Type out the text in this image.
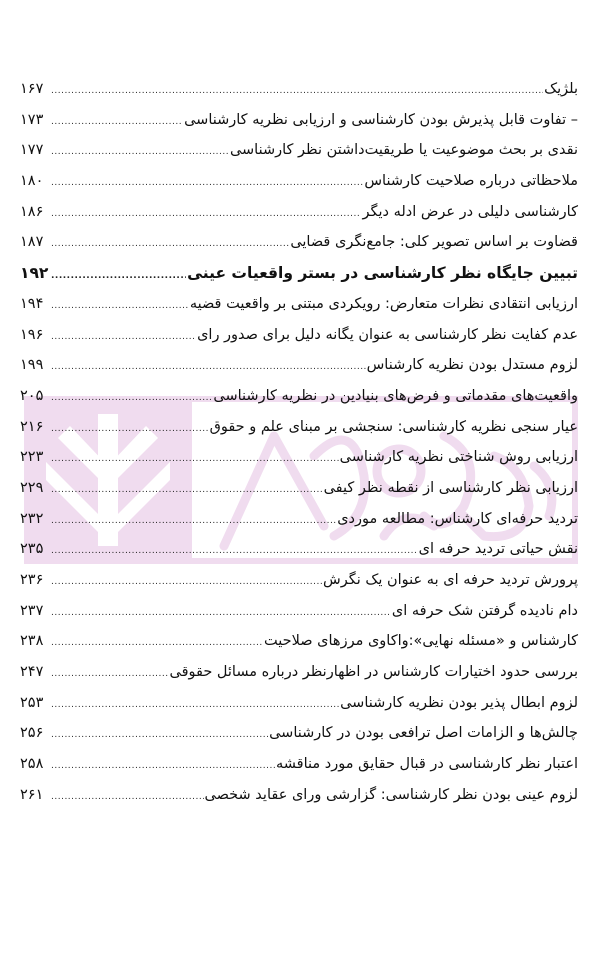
بلژیک
.....
۱۶۷
– تفاوت قابل پذیرش بودن کارشناسی و ارزیابی نظریه کارشناسی
.....
۱۷۳
نقدی بر بحث موضوعیت یا طریقیت‌داشتن نظر کارشناسی
.....
۱۷۷
ملاحظاتی درباره صلاحیت کارشناس
.....
۱۸۰
کارشناسی دلیلی در عرض ادله دیگر
.....
۱۸۶
قضاوت بر اساس تصویر کلی: جامع‌نگری قضایی
.....
۱۸۷
تبیین جایگاه نظر کارشناسی در بستر واقعیات عینی
.....
۱۹۲
ارزیابی انتقادی نظرات متعارض: رویکردی مبتنی بر واقعیت قضیه
.....
۱۹۴
عدم کفایت نظر کارشناسی به عنوان یگانه دلیل برای صدور رای
.....
۱۹۶
لزوم مستدل بودن نظریه کارشناس
.....
۱۹۹
واقعیت‌های مقدماتی و فرض‌های بنیادین در نظریه کارشناسی
.....
۲۰۵
عیار سنجی نظریه کارشناسی: سنجشی بر مبنای علم و حقوق
.....
۲۱۶
ارزیابی روش شناختی نظریه کارشناسی
.....
۲۲۳
ارزیابی نظر کارشناسی از نقطه نظر کیفی
.....
۲۲۹
تردید حرفه‌ای کارشناس: مطالعه موردی
.....
۲۳۲
نقش حیاتی تردید حرفه ای
.....
۲۳۵
پرورش تردید حرفه ای به عنوان یک نگرش
.....
۲۳۶
دام نادیده گرفتن شک حرفه ای
.....
۲۳۷
کارشناس و «مسئله نهایی»:واکاوی مرزهای صلاحیت
.....
۲۳۸
بررسی حدود اختیارات کارشناس در اظهارنظر درباره مسائل حقوقی
.....
۲۴۷
لزوم ابطال پذیر بودن نظریه کارشناسی
.....
۲۵۳
چالش‌ها و الزامات اصل ترافعی بودن در کارشناسی
.....
۲۵۶
اعتبار نظر کارشناسی در قبال حقایق مورد مناقشه
.....
۲۵۸
لزوم عینی بودن نظر کارشناسی: گزارشی ورای عقاید شخصی
.....
۲۶۱
